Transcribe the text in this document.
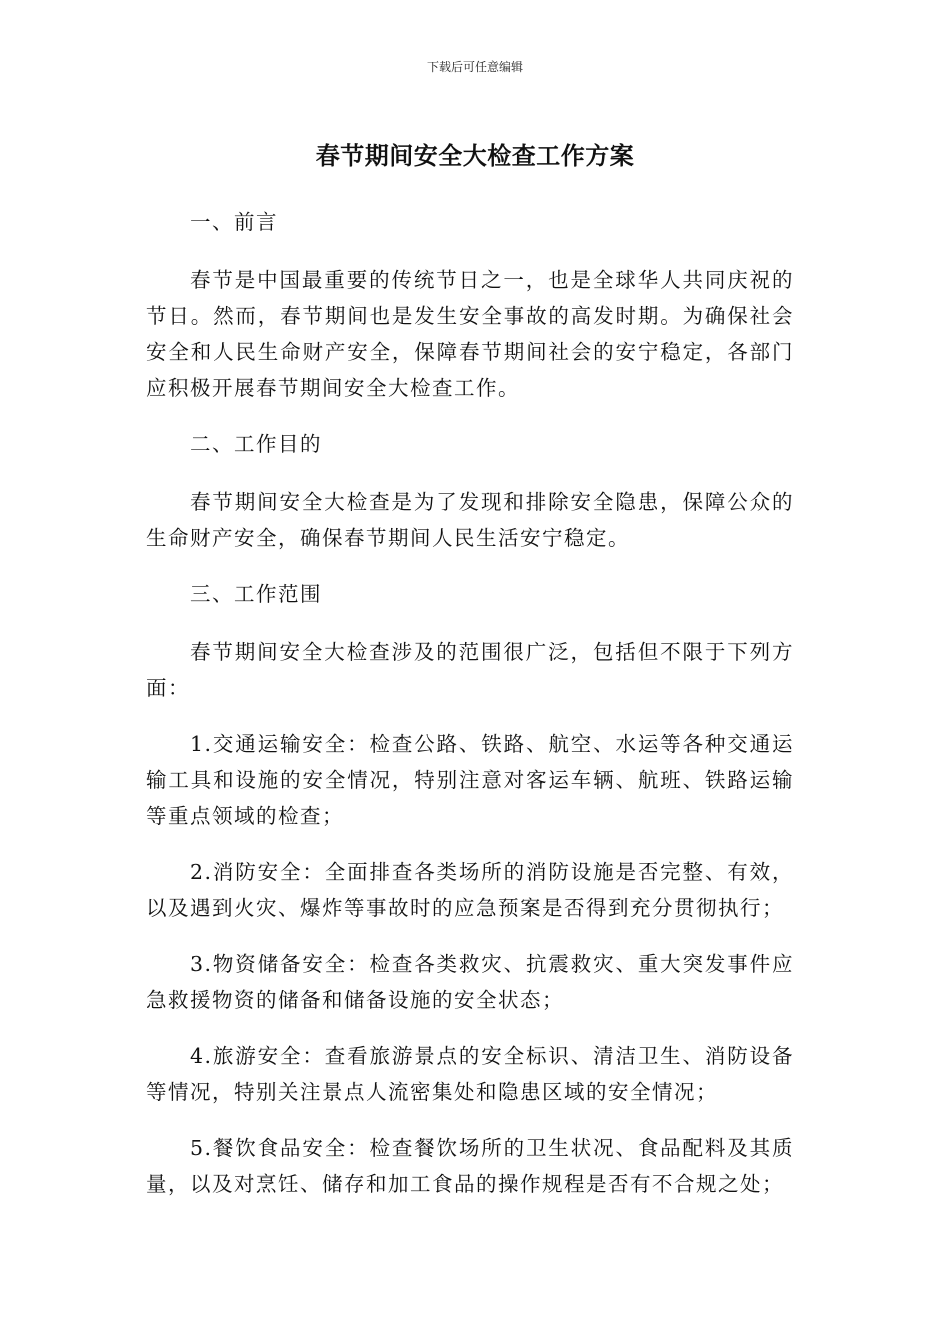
下载后可任意编辑
春节期间安全大检查工作方案

一、前言

春节是中国最重要的传统节日之一，也是全球华人共同庆祝的节日。然而，春节期间也是发生安全事故的高发时期。为确保社会安全和人民生命财产安全，保障春节期间社会的安宁稳定，各部门应积极开展春节期间安全大检查工作。

二、工作目的

春节期间安全大检查是为了发现和排除安全隐患，保障公众的生命财产安全，确保春节期间人民生活安宁稳定。

三、工作范围

春节期间安全大检查涉及的范围很广泛，包括但不限于下列方面：

1.交通运输安全：检查公路、铁路、航空、水运等各种交通运输工具和设施的安全情况，特别注意对客运车辆、航班、铁路运输等重点领域的检查；

2.消防安全：全面排查各类场所的消防设施是否完整、有效，以及遇到火灾、爆炸等事故时的应急预案是否得到充分贯彻执行；

3.物资储备安全：检查各类救灾、抗震救灾、重大突发事件应急救援物资的储备和储备设施的安全状态；

4.旅游安全：查看旅游景点的安全标识、清洁卫生、消防设备等情况，特别关注景点人流密集处和隐患区域的安全情况；

5.餐饮食品安全：检查餐饮场所的卫生状况、食品配料及其质量，以及对烹饪、储存和加工食品的操作规程是否有不合规之处；
